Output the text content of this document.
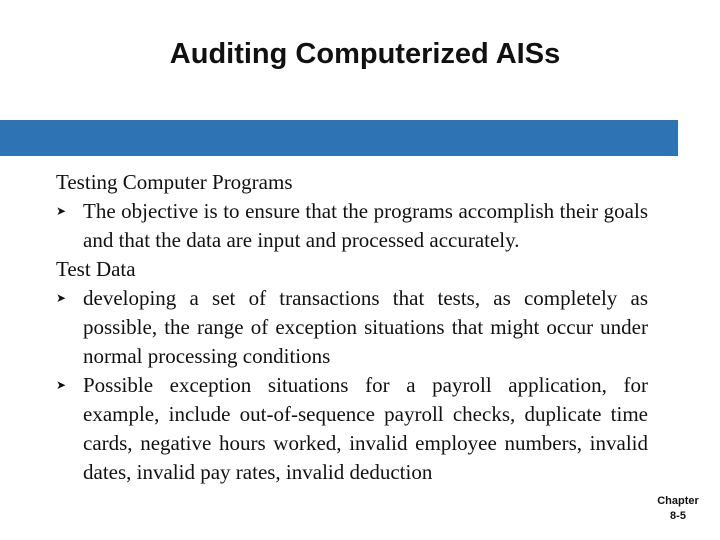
Auditing Computerized AISs
Testing Computer Programs
➤ The objective is to ensure that the programs accomplish their goals and that the data are input and processed accurately.
Test Data
➤ developing a set of transactions that tests, as completely as possible, the range of exception situations that might occur under normal processing conditions
➤ Possible exception situations for a payroll application, for example, include out-of-sequence payroll checks, duplicate time cards, negative hours worked, invalid employee numbers, invalid dates, invalid pay rates, invalid deduction
Chapter
8-5
